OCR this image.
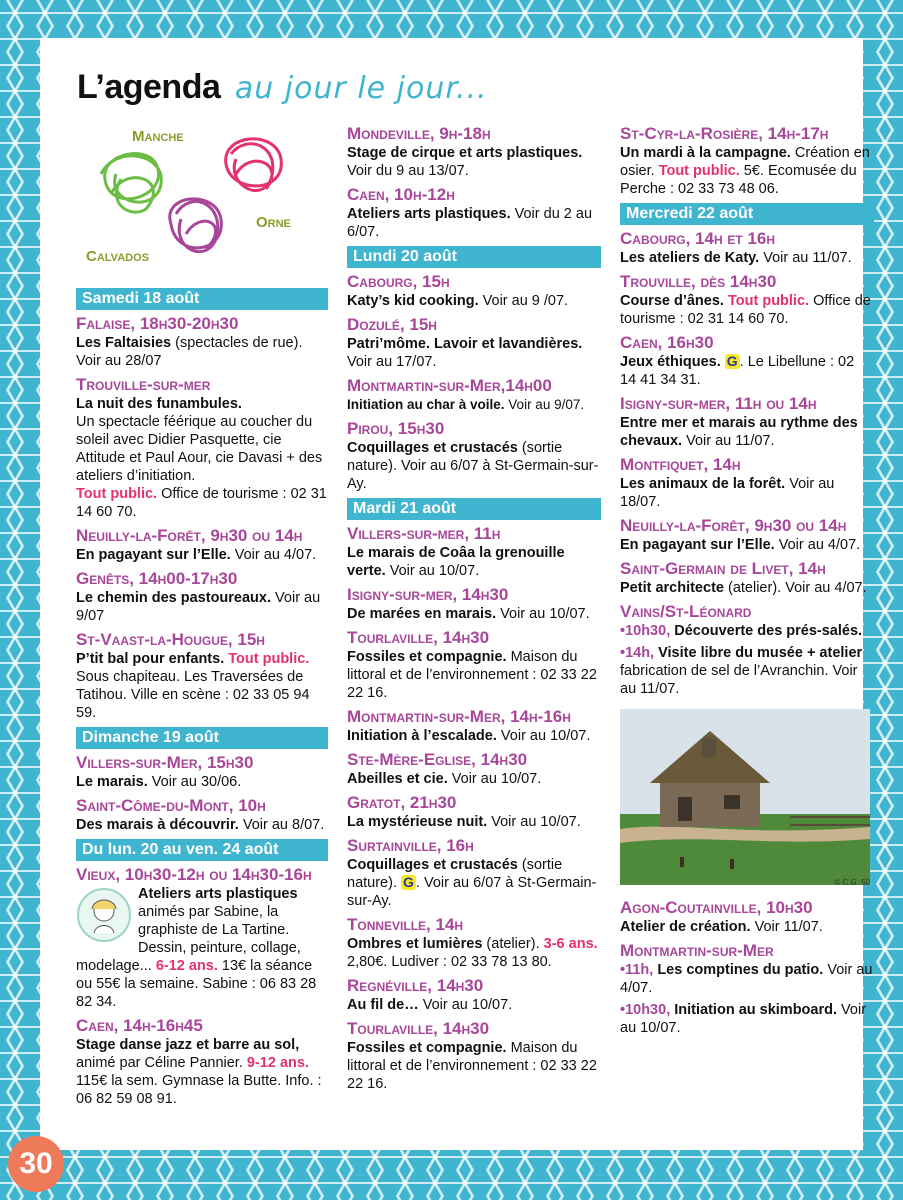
L’agenda au jour le jour...
Manche
Orne
Calvados
Samedi 18 août
Falaise, 18h30-20h30
Les Faltaisies (spectacles de rue). Voir au 28/07
Trouville-sur-mer
La nuit des funambules.
Un spectacle féérique au coucher du soleil avec Didier Pasquette, cie Attitude et Paul Aour, cie Davasi + des ateliers d’initiation.
Tout public. Office de tourisme : 02 31 14 60 70.
Neuilly-la-Forêt, 9h30 ou 14h
En pagayant sur l’Elle. Voir au 4/07.
Genêts, 14h00-17h30
Le chemin des pastoureaux. Voir au 9/07
St-Vaast-la-Hougue, 15h
P’tit bal pour enfants. Tout public. Sous chapiteau. Les Traversées de Tatihou. Ville en scène : 02 33 05 94 59.
Dimanche 19 août
Villers-sur-Mer, 15h30
Le marais. Voir au 30/06.
Saint-Côme-du-Mont, 10h
Des marais à découvrir. Voir au 8/07.
Du lun. 20 au ven. 24 août
Vieux, 10h30-12h ou 14h30-16h
Ateliers arts plastiques
animés par Sabine, la graphiste de La Tartine. Dessin, peinture, collage, modelage... 6-12 ans. 13€ la séance ou 55€ la semaine. Sabine : 06 83 28 82 34.
Caen, 14h-16h45
Stage danse jazz et barre au sol, animé par Céline Pannier. 9-12 ans. 115€ la sem. Gymnase la Butte. Info. : 06 82 59 08 91.
Mondeville, 9h-18h
Stage de cirque et arts plastiques. Voir du 9 au 13/07.
Caen, 10h-12h
Ateliers arts plastiques. Voir du 2 au 6/07.
Lundi 20 août
Cabourg, 15h
Katy’s kid cooking. Voir au 9 /07.
Dozulé, 15h
Patri’môme. Lavoir et lavandières. Voir au 17/07.
Montmartin-sur-Mer,14h00
Initiation au char à voile. Voir au 9/07.
Pirou, 15h30
Coquillages et crustacés (sortie nature). Voir au 6/07 à St-Germain-sur-Ay.
Mardi 21 août
Villers-sur-mer, 11h
Le marais de Coâa la grenouille verte. Voir au 10/07.
Isigny-sur-mer, 14h30
De marées en marais. Voir au 10/07.
Tourlaville, 14h30
Fossiles et compagnie. Maison du littoral et de l’environnement : 02 33 22 22 16.
Montmartin-sur-Mer, 14h-16h
Initiation à l’escalade. Voir au 10/07.
Ste-Mère-Eglise, 14h30
Abeilles et cie. Voir au 10/07.
Gratot, 21h30
La mystérieuse nuit. Voir au 10/07.
Surtainville, 16h
Coquillages et crustacés (sortie nature). G . Voir au 6/07 à St-Germain-sur-Ay.
Tonneville, 14h
Ombres et lumières (atelier). 3-6 ans. 2,80€. Ludiver : 02 33 78 13 80.
Regnéville, 14h30
Au fil de… Voir au 10/07.
Tourlaville, 14h30
Fossiles et compagnie. Maison du littoral et de l’environnement : 02 33 22 22 16.
St-Cyr-la-Rosière, 14h-17h
Un mardi à la campagne. Création en osier. Tout public. 5€. Ecomusée du Perche : 02 33 73 48 06.
Mercredi 22 août
Cabourg, 14h et 16h
Les ateliers de Katy. Voir au 11/07.
Trouville, dès 14h30
Course d’ânes. Tout public. Office de tourisme : 02 31 14 60 70.
Caen, 16h30
Jeux éthiques. G . Le Libellune : 02 14 41 34 31.
Isigny-sur-mer, 11h ou 14h
Entre mer et marais au rythme des chevaux. Voir au 11/07.
Montfiquet, 14h
Les animaux de la forêt. Voir au 18/07.
Neuilly-la-Forêt, 9h30 ou 14h
En pagayant sur l’Elle. Voir au 4/07.
Saint-Germain de Livet, 14h
Petit architecte (atelier). Voir au 4/07.
Vains/St-Léonard
•10h30, Découverte des prés-salés.
•14h, Visite libre du musée + atelier fabrication de sel de l’Avranchin. Voir au 11/07.
© C.G. 50
Agon-Coutainville, 10h30
Atelier de création. Voir 11/07.
Montmartin-sur-Mer
•11h, Les comptines du patio. Voir au 4/07.
•10h30, Initiation au skimboard. Voir au 10/07.
30
